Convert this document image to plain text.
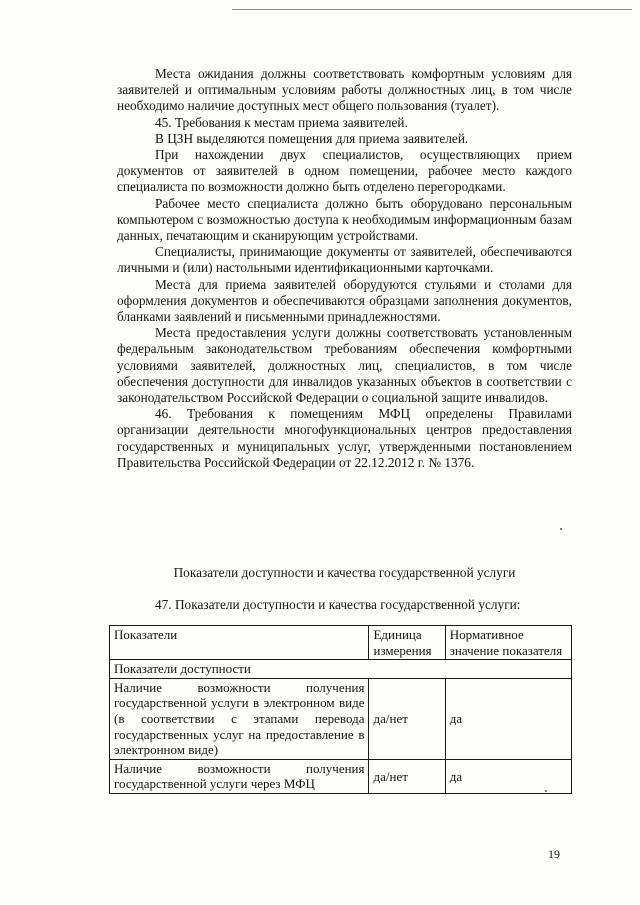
Места ожидания должны соответствовать комфортным условиям для заявителей и оптимальным условиям работы должностных лиц, в том числе необходимо наличие доступных мест общего пользования (туалет).

45. Требования к местам приема заявителей.

В ЦЗН выделяются помещения для приема заявителей.

При нахождении двух специалистов, осуществляющих прием документов от заявителей в одном помещении, рабочее место каждого специалиста по возможности должно быть отделено перегородками.

Рабочее место специалиста должно быть оборудовано персональным компьютером с возможностью доступа к необходимым информационным базам данных, печатающим и сканирующим устройствами.

Специалисты, принимающие документы от заявителей, обеспечиваются личными и (или) настольными идентификационными карточками.

Места для приема заявителей оборудуются стульями и столами для оформления документов и обеспечиваются образцами заполнения документов, бланками заявлений и письменными принадлежностями.

Места предоставления услуги должны соответствовать установленным федеральным законодательством требованиям обеспечения комфортными условиями заявителей, должностных лиц, специалистов, в том числе обеспечения доступности для инвалидов указанных объектов в соответствии с законодательством Российской Федерации о социальной защите инвалидов.

46. Требования к помещениям МФЦ определены Правилами организации деятельности многофункциональных центров предоставления государственных и муниципальных услуг, утвержденными постановлением Правительства Российской Федерации от 22.12.2012 г. № 1376.

Показатели доступности и качества государственной услуги
47. Показатели доступности и качества государственной услуги:
Показатели	Единица измерения	Нормативное значение показателя
Показатели доступности		
Наличие возможности получения государственной услуги в электронном виде (в соответствии с этапами перевода государственных услуг на предоставление в электронном виде)	да/нет	да
Наличие возможности получения государственной услуги через МФЦ	да/нет	да
19
